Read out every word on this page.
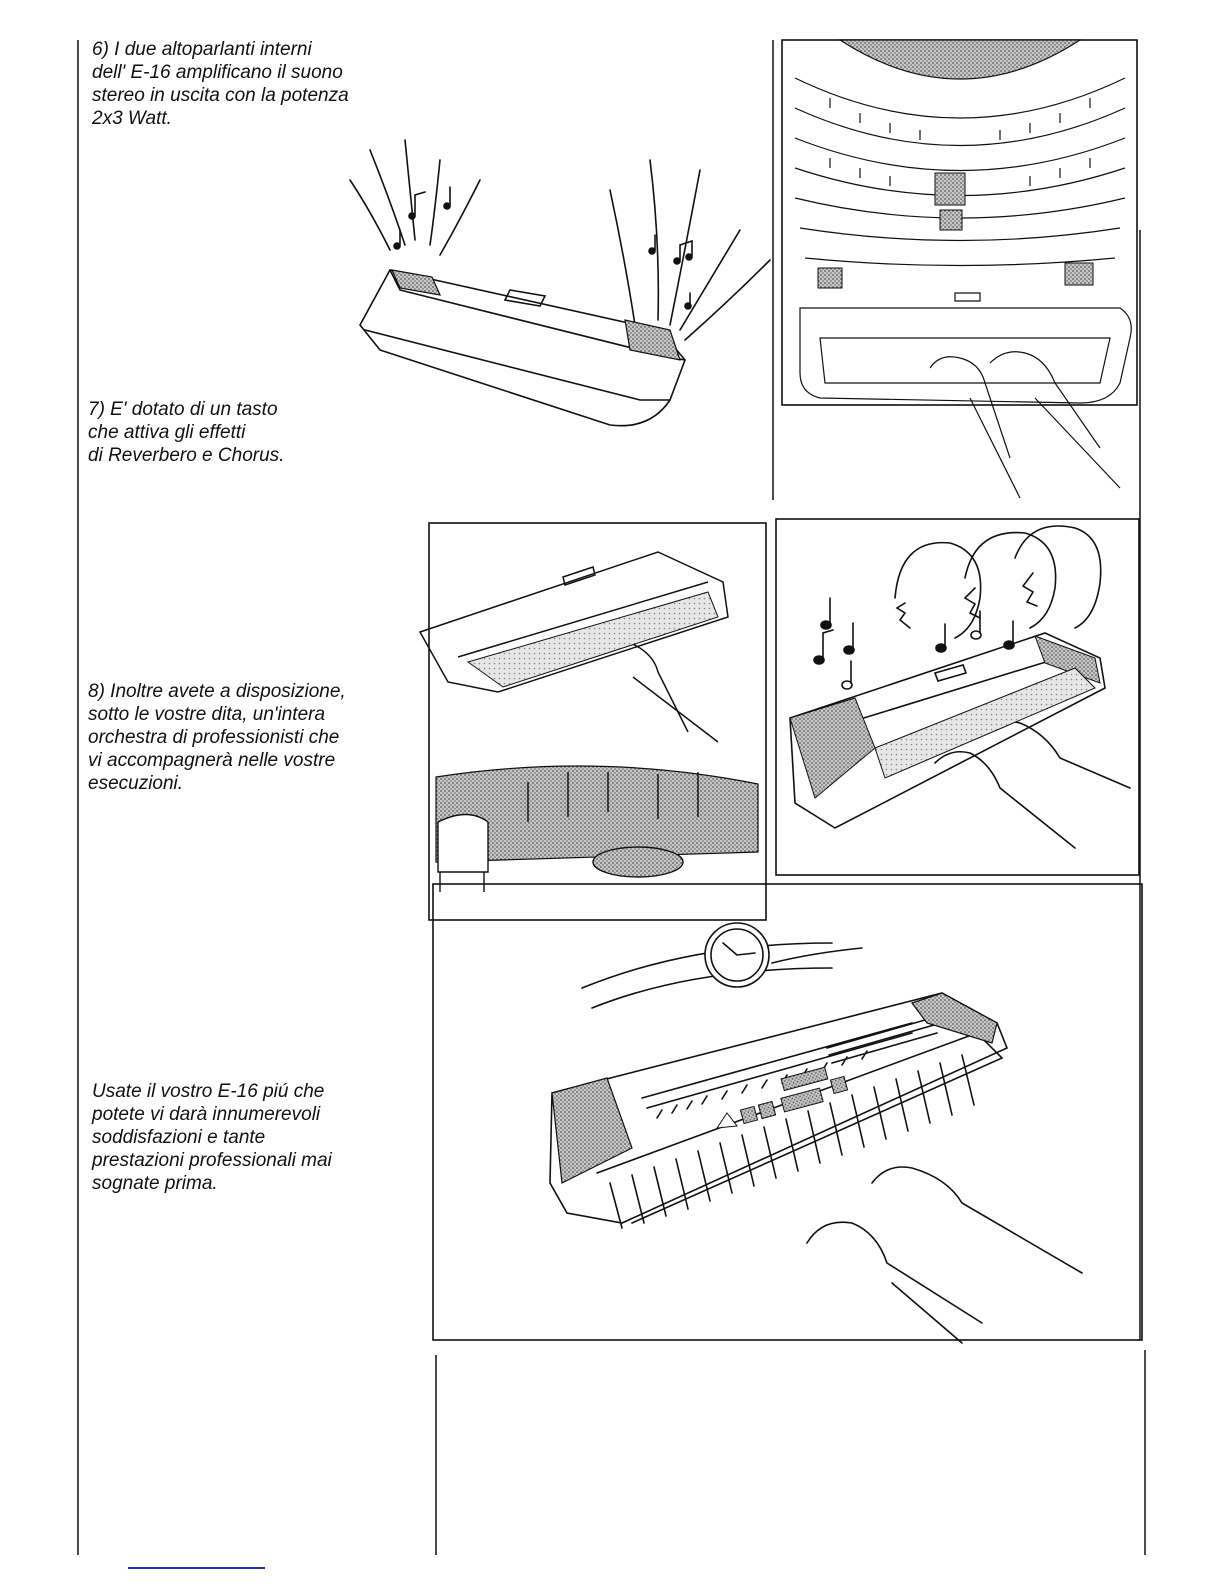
6) I due altoparlanti interni
dell' E-16 amplificano il suono
stereo in uscita con la potenza
2x3 Watt.

7) E' dotato di un tasto
che attiva gli effetti
di Reverbero e Chorus.

8) Inoltre avete a disposizione,
sotto le vostre dita, un'intera
orchestra di professionisti che
vi accompagnerà nelle vostre
esecuzioni.

Usate il vostro E-16 piú che
potete vi darà innumerevoli
soddisfazioni e tante
prestazioni professionali mai
sognate prima.
